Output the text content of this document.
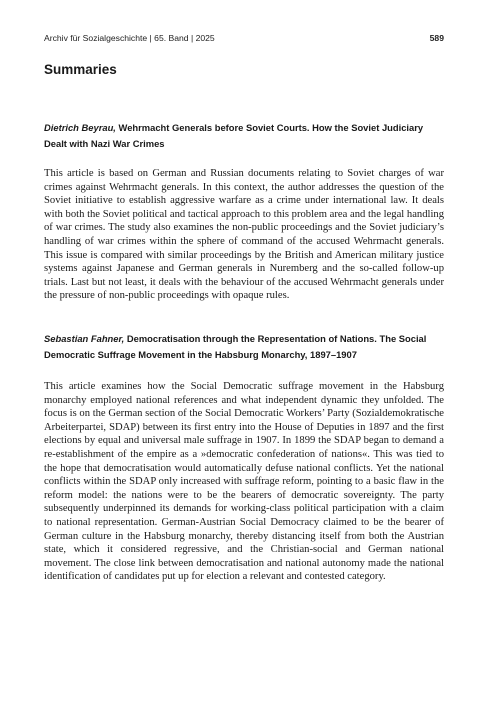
Archiv für Sozialgeschichte | 65. Band | 2025	589
Summaries
Dietrich Beyrau, Wehrmacht Generals before Soviet Courts. How the Soviet Judiciary Dealt with Nazi War Crimes
This article is based on German and Russian documents relating to Soviet charges of war crimes against Wehrmacht generals. In this context, the author addresses the question of the Soviet initiative to establish aggressive warfare as a crime under international law. It deals with both the Soviet political and tactical approach to this problem area and the legal handling of war crimes. The study also examines the non-public proceedings and the Soviet judiciary’s handling of war crimes within the sphere of command of the accused Wehrmacht generals. This issue is compared with similar proceedings by the British and American military justice systems against Japanese and German generals in Nuremberg and the so-called follow-up trials. Last but not least, it deals with the behaviour of the accused Wehrmacht generals under the pressure of non-public proceedings with opaque rules.
Sebastian Fahner, Democratisation through the Representation of Nations. The Social Democratic Suffrage Movement in the Habsburg Monarchy, 1897–1907
This article examines how the Social Democratic suffrage movement in the Habsburg monarchy employed national references and what independent dynamic they unfolded. The focus is on the German section of the Social Democratic Workers’ Party (Sozialdemokratische Arbeiterpartei, SDAP) between its first entry into the House of Deputies in 1897 and the first elections by equal and universal male suffrage in 1907. In 1899 the SDAP began to demand a re-establishment of the empire as a »democratic confederation of nations«. This was tied to the hope that democratisation would automatically defuse national conflicts. Yet the national conflicts within the SDAP only increased with suffrage reform, pointing to a basic flaw in the reform model: the nations were to be the bearers of democratic sovereignty. The party subsequently underpinned its demands for working-class political participation with a claim to national representation. German-Austrian Social Democracy claimed to be the bearer of German culture in the Habsburg monarchy, thereby distancing itself from both the Austrian state, which it considered regressive, and the Christian-social and German national movement. The close link between democratisation and national autonomy made the national identification of candidates put up for election a relevant and contested category.
